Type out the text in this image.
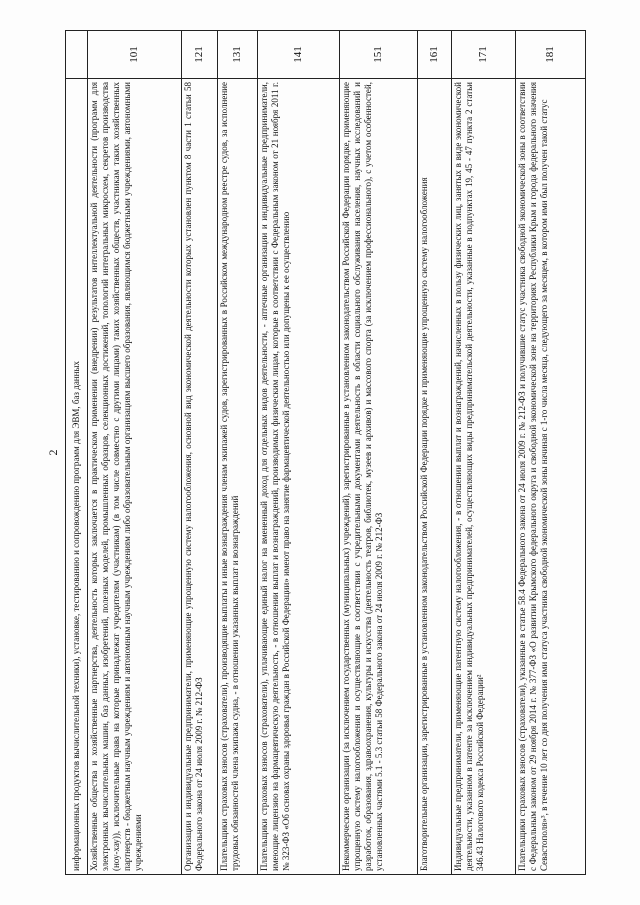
2	информационных продуктов вычислительной техники), установке, тестированию и сопровождению программ для ЭВМ, баз данных	
Хозяйственные общества и хозяйственные партнерства, деятельность которых заключается в практическом применении (внедрении) результатов интеллектуальной деятельности (программ для электронных вычислительных машин, баз данных, изобретений, полезных моделей, промышленных образцов, селекционных достижений, топологий интегральных микросхем, секретов производства (ноу-хау)), исключительные права на которые принадлежат учредителям (участникам) (в том числе совместно с другими лицами) таких хозяйственных обществ, участникам таких хозяйственных партнерств - бюджетным научным учреждениям и автономным научным учреждениям либо образовательным организациям высшего образования, являющимся бюджетными учреждениями, автономными учреждениями	101
Организации и индивидуальные предприниматели, применяющие упрощенную систему налогообложения, основной вид экономической деятельности которых установлен пунктом 8 части 1 статьи 58 Федерального закона от 24 июля 2009 г. № 212-ФЗ	121
Плательщики страховых взносов (страхователи), производящие выплаты и иные вознаграждения членам экипажей судов, зарегистрированных в Российском международном реестре судов, за исполнение трудовых обязанностей члена экипажа судна, - в отношении указанных выплат и вознаграждений	131
Плательщики страховых взносов (страхователи), уплачивающие единый налог на вмененный доход для отдельных видов деятельности, - аптечные организации и индивидуальные предприниматели, имеющие лицензию на фармацевтическую деятельность, - в отношении выплат и вознаграждений, производимых физическим лицам, которые в соответствии с Федеральным законом от 21 ноября 2011 г. № 323-ФЗ «Об основах охраны здоровья граждан в Российской Федерации» имеют право на занятие фармацевтической деятельностью или допущены к ее осуществлению	141
Некоммерческие организации (за исключением государственных (муниципальных) учреждений), зарегистрированные в установленном законодательством Российской Федерации порядке, применяющие упрощенную систему налогообложения и осуществляющие в соответствии с учредительными документами деятельность в области социального обслуживания населения, научных исследований и разработок, образования, здравоохранения, культуры и искусства (деятельность театров, библиотек, музеев и архивов) и массового спорта (за исключением профессионального), с учетом особенностей, установленных частями 5.1 - 5.3 статьи 58 Федерального закона от 24 июля 2009 г. № 212-ФЗ	151
Благотворительные организации, зарегистрированные в установленном законодательством Российской Федерации порядке и применяющие упрощенную систему налогообложения	161
Индивидуальные предприниматели, применяющие патентную систему налогообложения, - в отношении выплат и вознаграждений, начисленных в пользу физических лиц, занятых в виде экономической деятельности, указанном в патенте за исключением индивидуальных предпринимателей, осуществляющих виды предпринимательской деятельности, указанные в подпунктах 19, 45 - 47 пункта 2 статьи 346.43 Налогового кодекса Российской Федерации²	171
Плательщики страховых взносов (страхователи), указанные в статье 58.4 Федерального закона от 24 июля 2009 г. № 212-ФЗ и получившие статус участника свободной экономической зоны в соответствии с Федеральным законом от 29 ноября 2014 г. № 377-ФЗ «О развитии Крымского федерального округа и свободной экономической зоне на территориях Республики Крым и города федерального значения Севастополя»³, в течение 10 лет со дня получения ими статуса участника свободной экономической зоны начиная с 1-го числа месяца, следующего за месяцем, в котором ими был получен такой статус	181
